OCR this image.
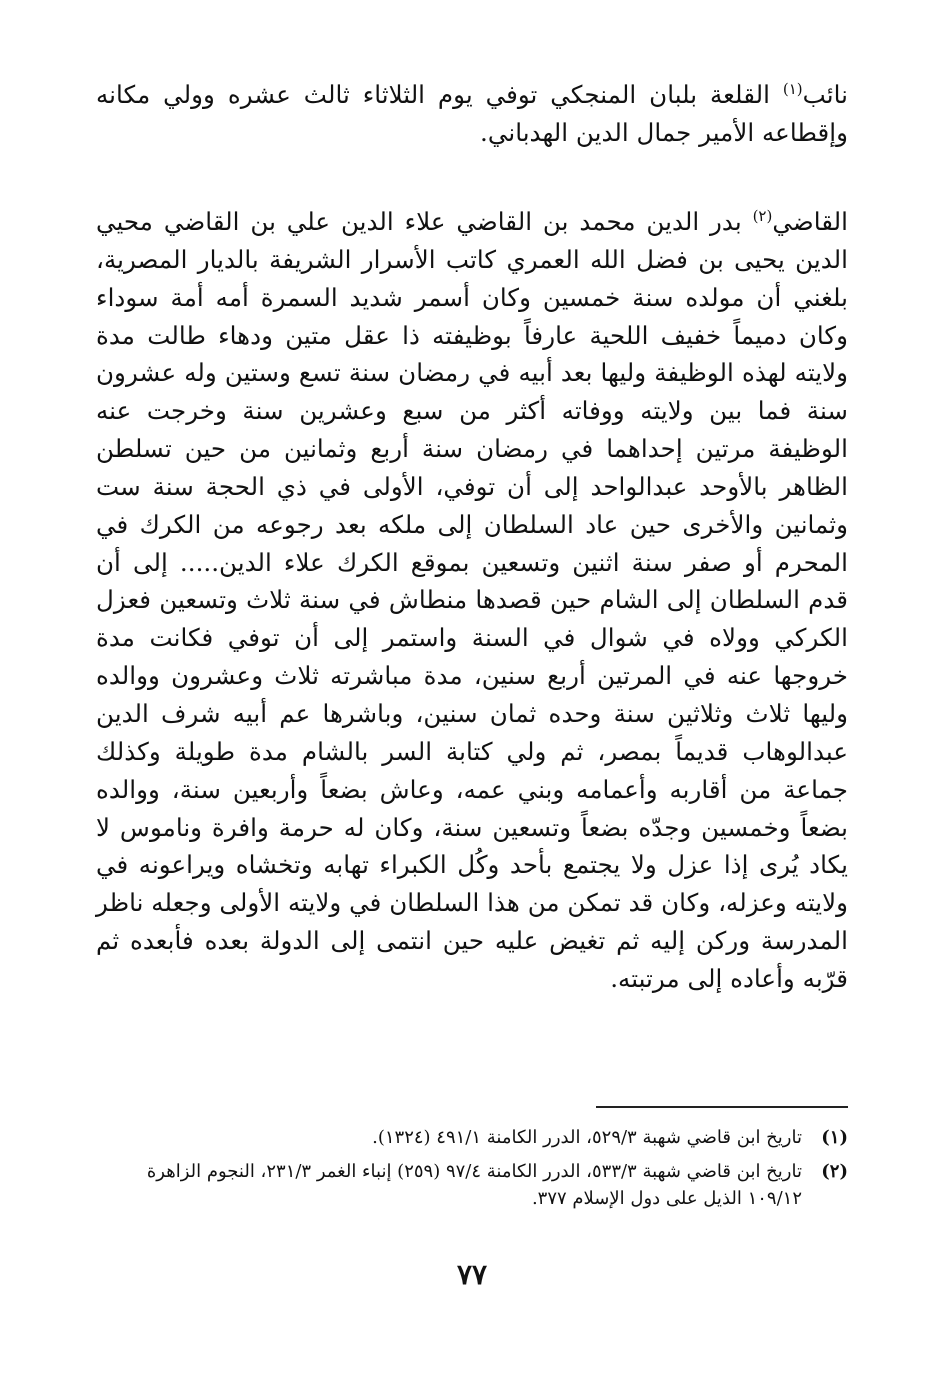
نائب$^{(١)}$ القلعة بلبان المنجكي توفي يوم الثلاثاء ثالث عشره وولي مكانه وإقطاعه الأمير جمال الدين الهدباني.

القاضي$^{(٢)}$ بدر الدين محمد بن القاضي علاء الدين علي بن القاضي محيي الدين يحيى بن فضل الله العمري كاتب الأسرار الشريفة بالديار المصرية، بلغني أن مولده سنة خمسين وكان أسمر شديد السمرة أمه أمة سوداء وكان دميماً خفيف اللحية عارفاً بوظيفته ذا عقل متين ودهاء طالت مدة ولايته لهذه الوظيفة وليها بعد أبيه في رمضان سنة تسع وستين وله عشرون سنة فما بين ولايته ووفاته أكثر من سبع وعشرين سنة وخرجت عنه الوظيفة مرتين إحداهما في رمضان سنة أربع وثمانين من حين تسلطن الظاهر بالأوحد عبدالواحد إلى أن توفي، الأولى في ذي الحجة سنة ست وثمانين والأخرى حين عاد السلطان إلى ملكه بعد رجوعه من الكرك في المحرم أو صفر سنة اثنين وتسعين بموقع الكرك علاء الدين..... إلى أن قدم السلطان إلى الشام حين قصدها منطاش في سنة ثلاث وتسعين فعزل الكركي وولاه في شوال في السنة واستمر إلى أن توفي فكانت مدة خروجها عنه في المرتين أربع سنين، مدة مباشرته ثلاث وعشرون ووالده وليها ثلاث وثلاثين سنة وحده ثمان سنين، وباشرها عم أبيه شرف الدين عبدالوهاب قديماً بمصر، ثم ولي كتابة السر بالشام مدة طويلة وكذلك جماعة من أقاربه وأعمامه وبني عمه، وعاش بضعاً وأربعين سنة، ووالده بضعاً وخمسين وجدّه بضعاً وتسعين سنة، وكان له حرمة وافرة وناموس لا يكاد يُرى إذا عزل ولا يجتمع بأحد وكُل الكبراء تهابه وتخشاه ويراعونه في ولايته وعزله، وكان قد تمكن من هذا السلطان في ولايته الأولى وجعله ناظر المدرسة وركن إليه ثم تغيض عليه حين انتمى إلى الدولة بعده فأبعده ثم قرّبه وأعاده إلى مرتبته.

(١)
تاريخ ابن قاضي شهبة ٥٢٩/٣، الدرر الكامنة ٤٩١/١ (١٣٢٤).
(٢)
تاريخ ابن قاضي شهبة ٥٣٣/٣، الدرر الكامنة ٩٧/٤ (٢٥٩) إنباء الغمر ٢٣١/٣، النجوم الزاهرة ١٠٩/١٢ الذيل على دول الإسلام ٣٧٧.
٧٧
